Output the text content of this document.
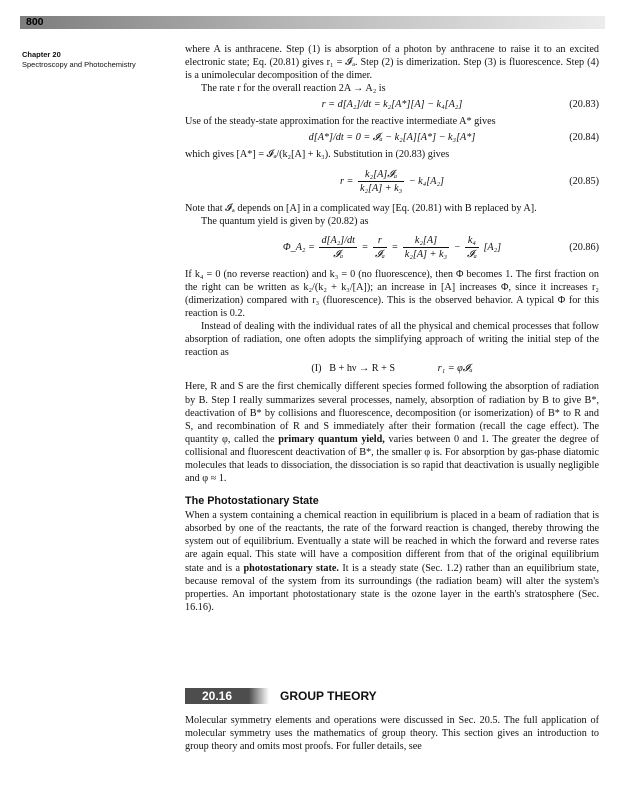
800
Chapter 20
Spectroscopy and Photochemistry

where A is anthracene. Step (1) is absorption of a photon by anthracene to raise it to an excited electronic state; Eq. (20.81) gives r₁ = 𝓘ₐ. Step (2) is dimerization. Step (3) is fluorescence. Step (4) is a unimolecular decomposition of the dimer.

The rate r for the overall reaction 2A → A₂ is

r = d[A₂]/dt = k₂[A*][A] − k₄[A₂]	(20.83)

Use of the steady-state approximation for the reactive intermediate A* gives

d[A*]/dt = 0 = 𝓘ₐ − k₂[A][A*] − k₃[A*]	(20.84)

which gives [A*] = 𝓘ₐ/(k₂[A] + k₃). Substitution in (20.83) gives

$r = \frac{\text{k₂[A]𝓘ₐ}}{\text{k₂[A] + k₃}} - k_4[A_2]$	(20.85)

Note that 𝓘ₐ depends on [A] in a complicated way [Eq. (20.81) with B replaced by A].

The quantum yield is given by (20.82) as

Φ_A₂ = $\frac{\text{d[A₂]/dt}}{\text{𝓘ₐ}} = \frac{r}{\text{𝓘ₐ}} = \frac{\text{k₂[A]}}{\text{k₂[A] + k₃}} - \frac{\text{k₄}}{\text{𝓘ₐ}} [A_2]$	(20.86)

If k₄ = 0 (no reverse reaction) and k₃ = 0 (no fluorescence), then Φ becomes 1. The first fraction on the right can be written as k₂/(k₂ + k₃/[A]); an increase in [A] increases Φ, since it increases r₂ (dimerization) compared with r₃ (fluorescence). This is the observed behavior. A typical Φ for this reaction is 0.2.

Instead of dealing with the individual rates of all the physical and chemical processes that follow absorption of radiation, one often adopts the simplifying approach of writing the initial step of the reaction as

(I) B + hν → R + S	r₁ = φ𝓘ₐ

Here, R and S are the first chemically different species formed following the absorption of radiation by B. Step I really summarizes several processes, namely, absorption of radiation by B to give B*, deactivation of B* by collisions and fluorescence, decomposition (or isomerization) of B* to R and S, and recombination of R and S immediately after their formation (recall the cage effect). The quantity φ, called the primary quantum yield, varies between 0 and 1. The greater the degree of collisional and fluorescent deactivation of B*, the smaller φ is. For absorption by gas-phase diatomic molecules that leads to dissociation, the dissociation is so rapid that deactivation is usually negligible and φ ≈ 1.

The Photostationary State

When a system containing a chemical reaction in equilibrium is placed in a beam of radiation that is absorbed by one of the reactants, the rate of the forward reaction is changed, thereby throwing the system out of equilibrium. Eventually a state will be reached in which the forward and reverse rates are again equal. This state will have a composition different from that of the original equilibrium state and is a photostationary state. It is a steady state (Sec. 1.2) rather than an equilibrium state, because removal of the system from its surroundings (the radiation beam) will alter the system's properties. An important photostationary state is the ozone layer in the earth's stratosphere (Sec. 16.16).

20.16	GROUP THEORY

Molecular symmetry elements and operations were discussed in Sec. 20.5. The full application of molecular symmetry uses the mathematics of group theory. This section gives an introduction to group theory and omits most proofs. For fuller details, see
